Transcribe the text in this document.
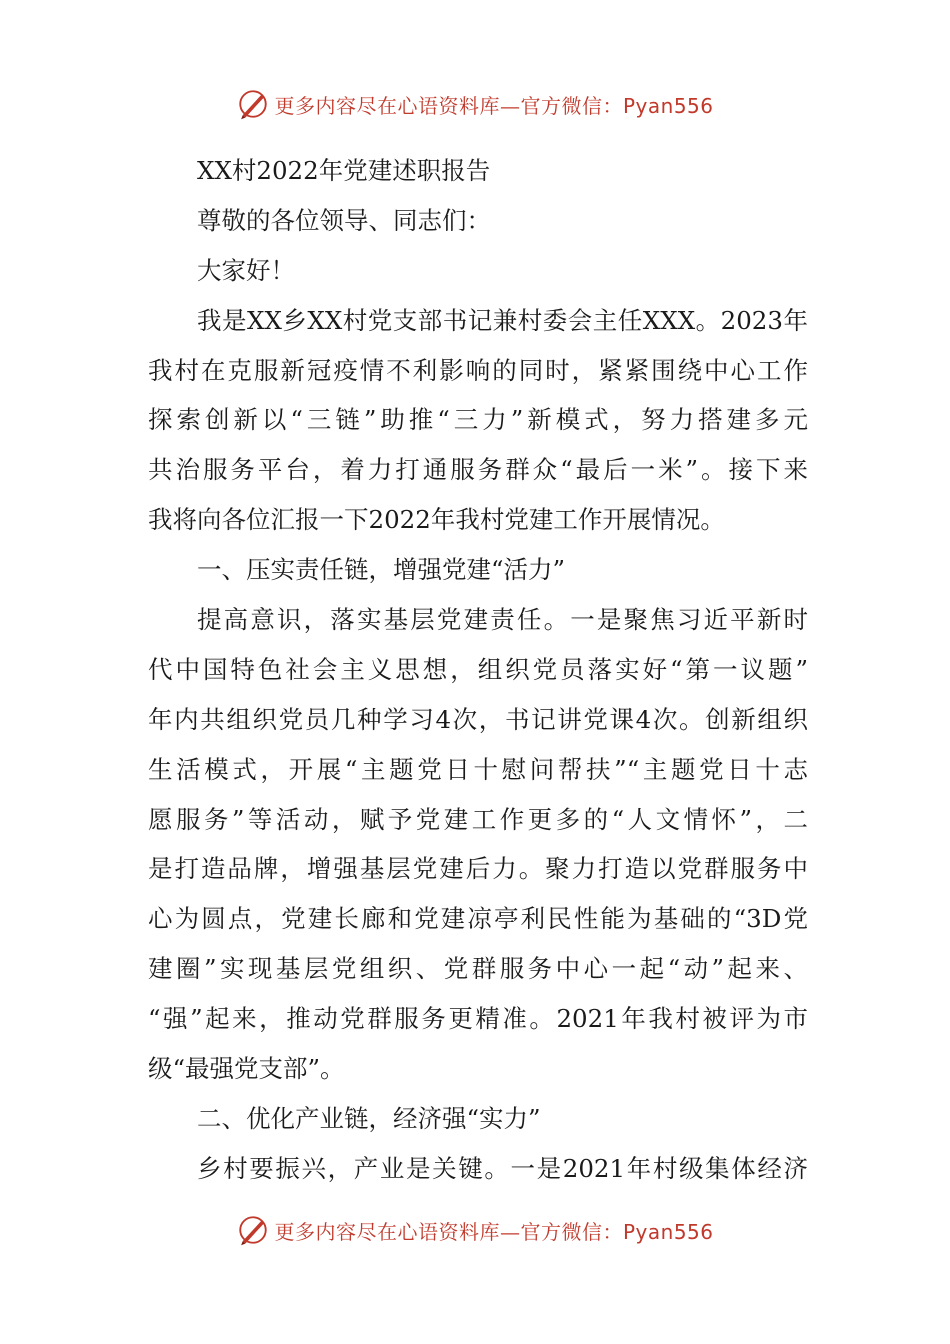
更多内容尽在心语资料库—官方微信：Pyan556
XX村2022年党建述职报告
尊敬的各位领导、同志们：
大家好！
我是XX乡XX村党支部书记兼村委会主任XXX。2023年
我村在克服新冠疫情不利影响的同时，紧紧围绕中心工作
探索创新以“三链”助推“三力”新模式，努力搭建多元
共治服务平台，着力打通服务群众“最后一米”。接下来
我将向各位汇报一下2022年我村党建工作开展情况。
一、压实责任链，增强党建“活力”
提高意识，落实基层党建责任。一是聚焦习近平新时
代中国特色社会主义思想，组织党员落实好“第一议题”
年内共组织党员几种学习4次，书记讲党课4次。创新组织
生活模式，开展“主题党日十慰问帮扶”“主题党日十志
愿服务”等活动，赋予党建工作更多的“人文情怀”，二
是打造品牌，增强基层党建后力。聚力打造以党群服务中
心为圆点，党建长廊和党建凉亭利民性能为基础的“3D党
建圈”实现基层党组织、党群服务中心一起“动”起来、
“强”起来，推动党群服务更精准。2021年我村被评为市
级“最强党支部”。
二、优化产业链，经济强“实力”
乡村要振兴，产业是关键。一是2021年村级集体经济
更多内容尽在心语资料库—官方微信：Pyan556
